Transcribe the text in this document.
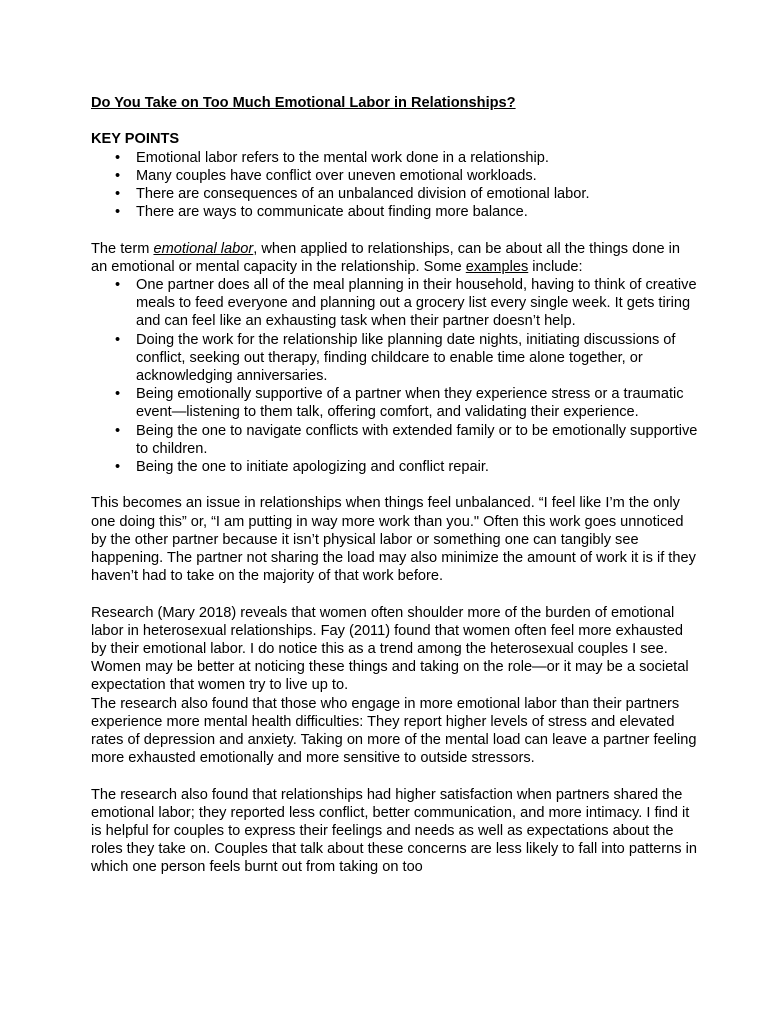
Do You Take on Too Much Emotional Labor in Relationships?

KEY POINTS

• Emotional labor refers to the mental work done in a relationship.
• Many couples have conflict over uneven emotional workloads.
• There are consequences of an unbalanced division of emotional labor.
• There are ways to communicate about finding more balance.

The term emotional labor, when applied to relationships, can be about all the things done in an emotional or mental capacity in the relationship. Some examples include:

• One partner does all of the meal planning in their household, having to think of creative meals to feed everyone and planning out a grocery list every single week. It gets tiring and can feel like an exhausting task when their partner doesn’t help.
• Doing the work for the relationship like planning date nights, initiating discussions of conflict, seeking out therapy, finding childcare to enable time alone together, or acknowledging anniversaries.
• Being emotionally supportive of a partner when they experience stress or a traumatic event—listening to them talk, offering comfort, and validating their experience.
• Being the one to navigate conflicts with extended family or to be emotionally supportive to children.
• Being the one to initiate apologizing and conflict repair.

This becomes an issue in relationships when things feel unbalanced. “I feel like I’m the only one doing this” or, “I am putting in way more work than you." Often this work goes unnoticed by the other partner because it isn’t physical labor or something one can tangibly see happening. The partner not sharing the load may also minimize the amount of work it is if they haven’t had to take on the majority of that work before.

Research (Mary 2018) reveals that women often shoulder more of the burden of emotional labor in heterosexual relationships. Fay (2011) found that women often feel more exhausted by their emotional labor. I do notice this as a trend among the heterosexual couples I see. Women may be better at noticing these things and taking on the role—or it may be a societal expectation that women try to live up to.

The research also found that those who engage in more emotional labor than their partners experience more mental health difficulties: They report higher levels of stress and elevated rates of depression and anxiety. Taking on more of the mental load can leave a partner feeling more exhausted emotionally and more sensitive to outside stressors.

The research also found that relationships had higher satisfaction when partners shared the emotional labor; they reported less conflict, better communication, and more intimacy. I find it is helpful for couples to express their feelings and needs as well as expectations about the roles they take on. Couples that talk about these concerns are less likely to fall into patterns in which one person feels burnt out from taking on too
